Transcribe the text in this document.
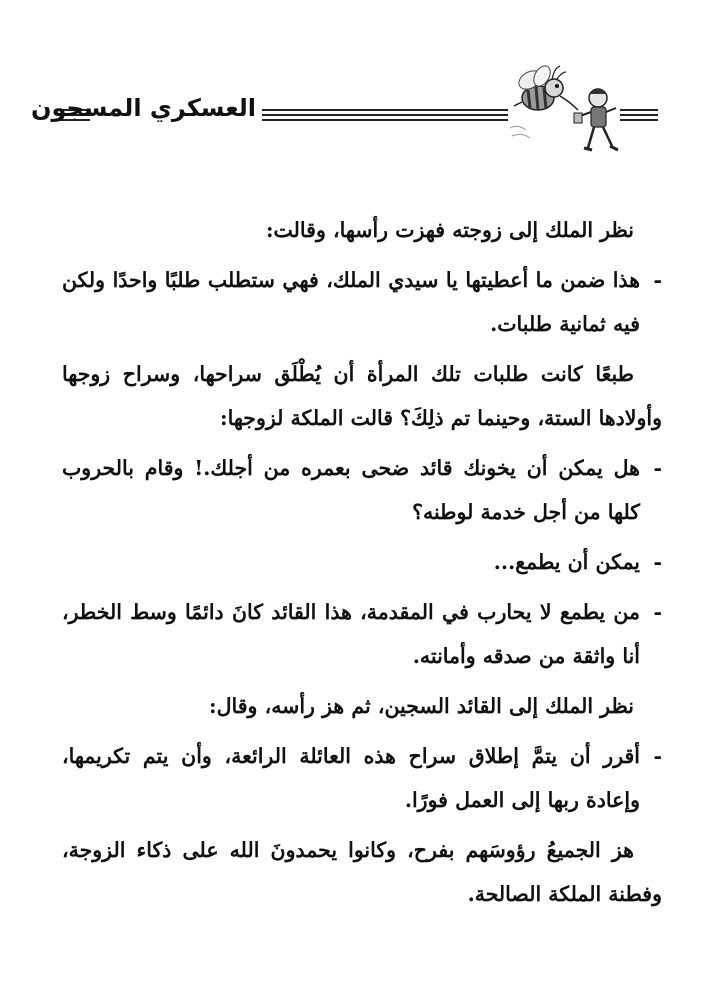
العسكري المسجون

نظر الملك إلى زوجته فهزت رأسها، وقالت:

-
هذا ضمن ما أعطيتها يا سيدي الملك، فهي ستطلب طلبًا واحدًا ولكن فيه ثمانية طلبات.

طبعًا كانت طلبات تلك المرأة أن يُطْلَق سراحها، وسراح زوجها وأولادها الستة، وحينما تم ذلِكَ؟ قالت الملكة لزوجها:

-
هل يمكن أن يخونك قائد ضحى بعمره من أجلك.! وقام بالحروب كلها من أجل خدمة لوطنه؟
-
يمكن أن يطمع...
-
من يطمع لا يحارب في المقدمة، هذا القائد كانَ دائمًا وسط الخطر، أنا واثقة من صدقه وأمانته.

نظر الملك إلى القائد السجين، ثم هز رأسه، وقال:

-
أقرر أن يتمَّ إطلاق سراح هذه العائلة الرائعة، وأن يتم تكريمها، وإعادة ربها إلى العمل فورًا.

هز الجميعُ رؤوسَهم بفرح، وكانوا يحمدونَ الله على ذكاء الزوجة، وفطنة الملكة الصالحة.
